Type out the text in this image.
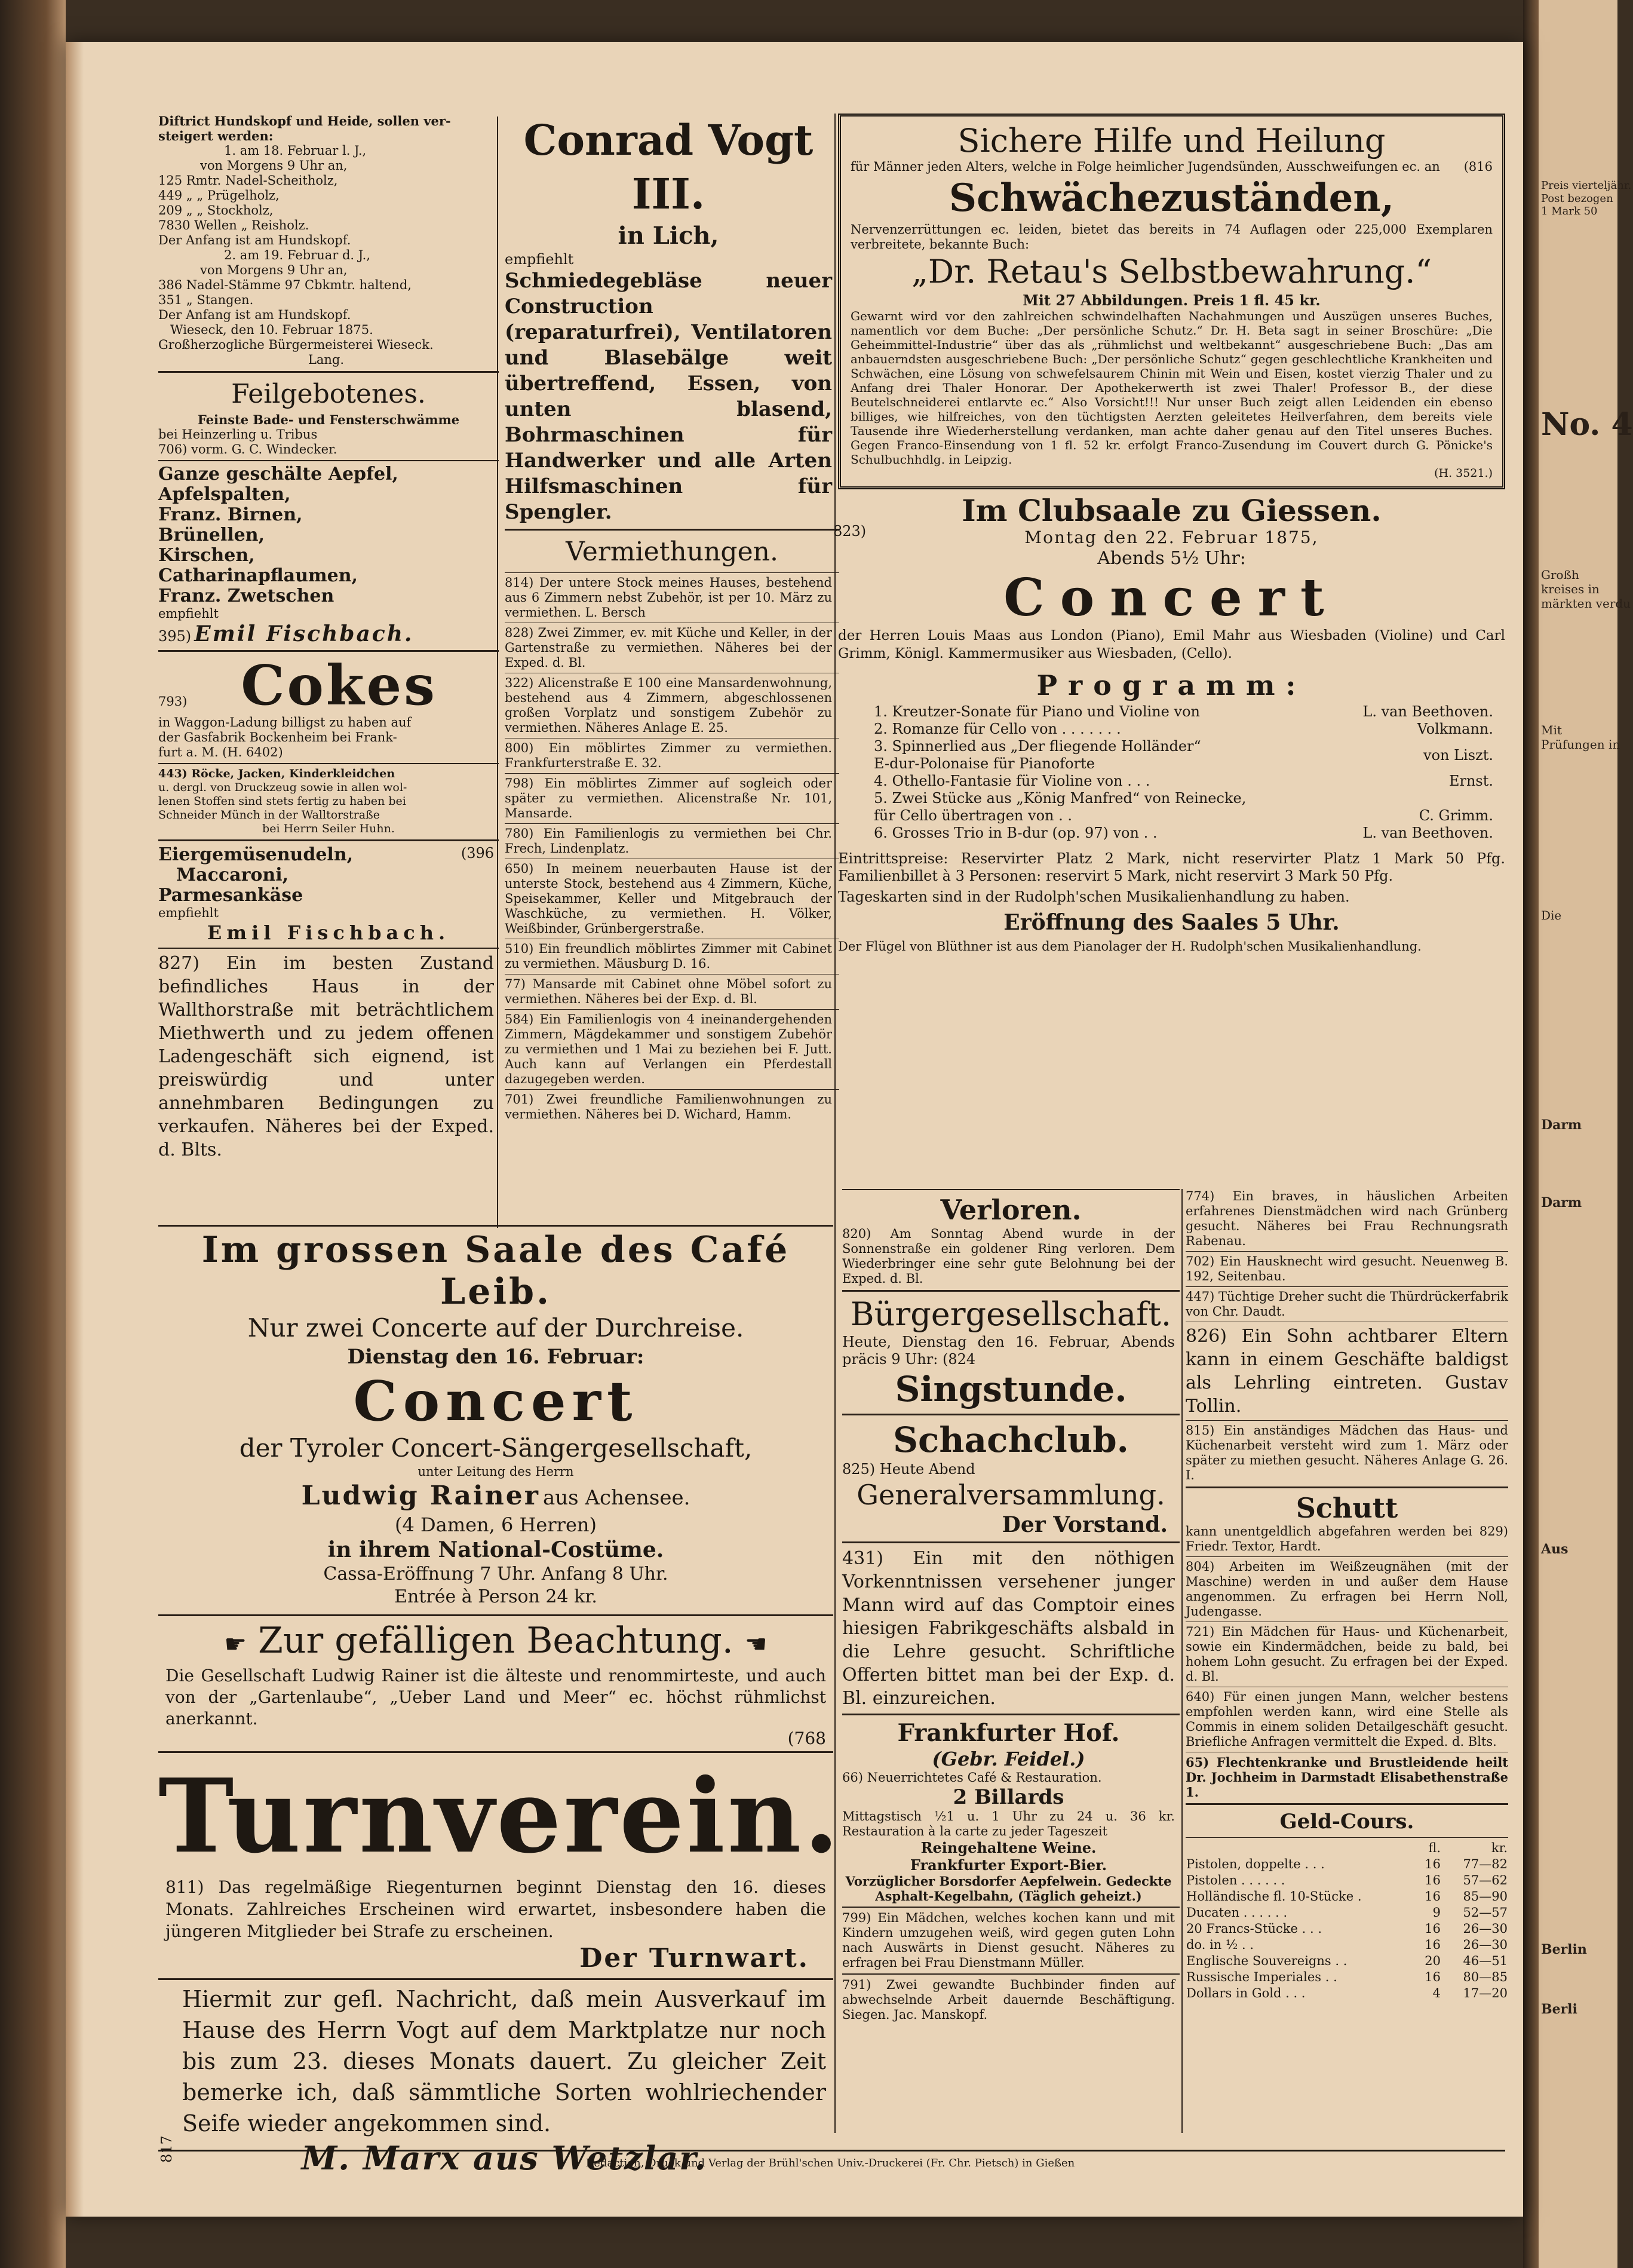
Preis vierteljähr.
Post bezogen
1 Mark 50
No. 4
Großh
kreises in
märkten verdu
Mit
Prüfungen in
Die
Darm
Darm
Aus
Berlin
Berli
Diftrict Hundskopf und Heide, sollen ver-
steigert werden:
1. am 18. Februar l. J.,
von Morgens 9 Uhr an,
125 Rmtr. Nadel-Scheitholz,
449 „ „ Prügelholz,
209 „ „ Stockholz,
7830 Wellen „ Reisholz.
Der Anfang ist am Hundskopf.
2. am 19. Februar d. J.,
von Morgens 9 Uhr an,
386 Nadel-Stämme 97 Cbkmtr. haltend,
351 „ Stangen.
Der Anfang ist am Hundskopf.
Wieseck, den 10. Februar 1875.
Großherzogliche Bürgermeisterei Wieseck.
Lang.
Feilgebotenes.
Feinste Bade- und Fensterschwämme
bei Heinzerling u. Tribus
706) vorm. G. C. Windecker.
Ganze geschälte Aepfel,
Apfelspalten,
Franz. Birnen,
Brünellen,
Kirschen,
Catharinapflaumen,
Franz. Zwetschen
empfiehlt
395) Emil Fischbach.
793) Cokes
in Waggon-Ladung billigst zu haben auf
der Gasfabrik Bockenheim bei Frank-
furt a. M. (H. 6402)
443) Röcke, Jacken, Kinderkleidchen
u. dergl. von Druckzeug sowie in allen wol-
lenen Stoffen sind stets fertig zu haben bei
Schneider Münch in der Walltorstraße
bei Herrn Seiler Huhn.
Eiergemüsenudeln,	(396
Maccaroni,
Parmesankäse
empfiehlt
Emil Fischbach.
827) Ein im besten Zustand befindliches Haus in der Wallthorstraße mit beträchtlichem Miethwerth und zu jedem offenen Ladengeschäft sich eignend, ist preiswürdig und unter annehmbaren Bedingungen zu verkaufen. Näheres bei der Exped. d. Blts.
Conrad Vogt III.
in Lich,
empfiehlt
Schmiedegebläse neuer Construction (reparaturfrei), Ventilatoren und Blasebälge weit übertreffend, Essen, von unten blasend, Bohrmaschinen für Handwerker und alle Arten Hilfsmaschinen für Spengler.
Vermiethungen.
814) Der untere Stock meines Hauses, bestehend aus 6 Zimmern nebst Zubehör, ist per 10. März zu vermiethen. L. Bersch
828) Zwei Zimmer, ev. mit Küche und Keller, in der Gartenstraße zu vermiethen. Näheres bei der Exped. d. Bl.
322) Alicenstraße E 100 eine Mansardenwohnung, bestehend aus 4 Zimmern, abgeschlossenen großen Vorplatz und sonstigem Zubehör zu vermiethen. Näheres Anlage E. 25.
800) Ein möblirtes Zimmer zu vermiethen. Frankfurterstraße E. 32.
798) Ein möblirtes Zimmer auf sogleich oder später zu vermiethen. Alicenstraße Nr. 101, Mansarde.
780) Ein Familienlogis zu vermiethen bei Chr. Frech, Lindenplatz.
650) In meinem neuerbauten Hause ist der unterste Stock, bestehend aus 4 Zimmern, Küche, Speisekammer, Keller und Mitgebrauch der Waschküche, zu vermiethen. H. Völker, Weißbinder, Grünbergerstraße.
510) Ein freundlich möblirtes Zimmer mit Cabinet zu vermiethen. Mäusburg D. 16.
77) Mansarde mit Cabinet ohne Möbel sofort zu vermiethen. Näheres bei der Exp. d. Bl.
584) Ein Familienlogis von 4 ineinandergehenden Zimmern, Mägdekammer und sonstigem Zubehör zu vermiethen und 1 Mai zu beziehen bei F. Jutt. Auch kann auf Verlangen ein Pferdestall dazugegeben werden.
701) Zwei freundliche Familienwohnungen zu vermiethen. Näheres bei D. Wichard, Hamm.
Im grossen Saale des Café Leib.
Nur zwei Concerte auf der Durchreise.
Dienstag den 16. Februar:
Concert
der Tyroler Concert-Sängergesellschaft,
unter Leitung des Herrn
Ludwig Rainer aus Achensee.
(4 Damen, 6 Herren)
in ihrem National-Costüme.
Cassa-Eröffnung 7 Uhr. Anfang 8 Uhr.
Entrée à Person 24 kr.
☛ Zur gefälligen Beachtung. ☚
Die Gesellschaft Ludwig Rainer ist die älteste und renommirteste, und auch von der „Gartenlaube“, „Ueber Land und Meer“ ec. höchst rühmlichst anerkannt.
(768
Turnverein.
811) Das regelmäßige Riegenturnen beginnt Dienstag den 16. dieses Monats. Zahlreiches Erscheinen wird erwartet, insbesondere haben die jüngeren Mitglieder bei Strafe zu erscheinen.
Der Turnwart.
817
Hiermit zur gefl. Nachricht, daß mein Ausverkauf im Hause des Herrn Vogt auf dem Marktplatze nur noch bis zum 23. dieses Monats dauert. Zu gleicher Zeit bemerke ich, daß sämmtliche Sorten wohlriechender Seife wieder angekommen sind.
M. Marx aus Wetzlar.
Sichere Hilfe und Heilung
für Männer jeden Alters, welche in Folge heimlicher Jugendsünden, Ausschweifungen ec. an	(816
Schwächezuständen,
Nervenzerrüttungen ec. leiden, bietet das bereits in 74 Auflagen oder 225,000 Exemplaren verbreitete, bekannte Buch:
„Dr. Retau's Selbstbewahrung.“
Mit 27 Abbildungen. Preis 1 fl. 45 kr.
Gewarnt wird vor den zahlreichen schwindelhaften Nachahmungen und Auszügen unseres Buches, namentlich vor dem Buche: „Der persönliche Schutz.“ Dr. H. Beta sagt in seiner Broschüre: „Die Geheimmittel-Industrie“ über das als „rühmlichst und weltbekannt“ ausgeschriebene Buch: „Das am anbauerndsten ausgeschriebene Buch: „Der persönliche Schutz“ gegen geschlechtliche Krankheiten und Schwächen, eine Lösung von schwefelsaurem Chinin mit Wein und Eisen, kostet vierzig Thaler und zu Anfang drei Thaler Honorar. Der Apothekerwerth ist zwei Thaler! Professor B., der diese Beutelschneiderei entlarvte ec.“ Also Vorsicht!!! Nur unser Buch zeigt allen Leidenden ein ebenso billiges, wie hilfreiches, von den tüchtigsten Aerzten geleitetes Heilverfahren, dem bereits viele Tausende ihre Wiederherstellung verdanken, man achte daher genau auf den Titel unseres Buches. Gegen Franco-Einsendung von 1 fl. 52 kr. erfolgt Franco-Zusendung im Couvert durch G. Pönicke's Schulbuchhdlg. in Leipzig.
(H. 3521.)
823)
Im Clubsaale zu Giessen.
Montag den 22. Februar 1875,
Abends 5½ Uhr:
Concert
der Herren Louis Maas aus London (Piano), Emil Mahr aus Wiesbaden (Violine) und Carl Grimm, Königl. Kammermusiker aus Wiesbaden, (Cello).
Programm:
1. Kreutzer-Sonate für Piano und Violine von	L. van Beethoven.
2. Romanze für Cello von . . . . . . .	Volkmann.
3. Spinnerlied aus „Der fliegende Holländer“ E-dur-Polonaise für Pianoforte
von Liszt.
4. Othello-Fantasie für Violine von . . .	Ernst.
5. Zwei Stücke aus „König Manfred“ von Reinecke, für Cello übertragen von . .	C. Grimm.
6. Grosses Trio in B-dur (op. 97) von . .	L. van Beethoven.
Eintrittspreise: Reservirter Platz 2 Mark, nicht reservirter Platz 1 Mark 50 Pfg. Familienbillet à 3 Personen: reservirt 5 Mark, nicht reservirt 3 Mark 50 Pfg.
Tageskarten sind in der Rudolph'schen Musikalienhandlung zu haben.
Eröffnung des Saales 5 Uhr.
Der Flügel von Blüthner ist aus dem Pianolager der H. Rudolph'schen Musikalienhandlung.
Verloren.
820) Am Sonntag Abend wurde in der Sonnenstraße ein goldener Ring verloren. Dem Wiederbringer eine sehr gute Belohnung bei der Exped. d. Bl.
Bürgergesellschaft.
Heute, Dienstag den 16. Februar, Abends präcis 9 Uhr: (824
Singstunde.
Schachclub.
825) Heute Abend
Generalversammlung.
Der Vorstand.
431) Ein mit den nöthigen Vorkenntnissen versehener junger Mann wird auf das Comptoir eines hiesigen Fabrikgeschäfts alsbald in die Lehre gesucht. Schriftliche Offerten bittet man bei der Exp. d. Bl. einzureichen.
Frankfurter Hof.
(Gebr. Feidel.)
66) Neuerrichtetes Café & Restauration.
2 Billards
Mittagstisch ½1 u. 1 Uhr zu 24 u. 36 kr. Restauration à la carte zu jeder Tageszeit
Reingehaltene Weine.
Frankfurter Export-Bier.
Vorzüglicher Borsdorfer Aepfelwein. Gedeckte Asphalt-Kegelbahn, (Täglich geheizt.)
799) Ein Mädchen, welches kochen kann und mit Kindern umzugehen weiß, wird gegen guten Lohn nach Auswärts in Dienst gesucht. Näheres zu erfragen bei Frau Dienstmann Müller.
791) Zwei gewandte Buchbinder finden auf abwechselnde Arbeit dauernde Beschäftigung. Siegen. Jac. Manskopf.
774) Ein braves, in häuslichen Arbeiten erfahrenes Dienstmädchen wird nach Grünberg gesucht. Näheres bei Frau Rechnungsrath Rabenau.
702) Ein Hausknecht wird gesucht. Neuenweg B. 192, Seitenbau.
447) Tüchtige Dreher sucht die Thürdrückerfabrik von Chr. Daudt.
826) Ein Sohn achtbarer Eltern kann in einem Geschäfte baldigst als Lehrling eintreten. Gustav Tollin.
815) Ein anständiges Mädchen das Haus- und Küchenarbeit versteht wird zum 1. März oder später zu miethen gesucht. Näheres Anlage G. 26. I.
Schutt
kann unentgeldlich abgefahren werden bei 829) Friedr. Textor, Hardt.
804) Arbeiten im Weißzeugnähen (mit der Maschine) werden in und außer dem Hause angenommen. Zu erfragen bei Herrn Noll, Judengasse.
721) Ein Mädchen für Haus- und Küchenarbeit, sowie ein Kindermädchen, beide zu bald, bei hohem Lohn gesucht. Zu erfragen bei der Exped. d. Bl.
640) Für einen jungen Mann, welcher bestens empfohlen werden kann, wird eine Stelle als Commis in einem soliden Detailgeschäft gesucht. Briefliche Anfragen vermittelt die Exped. d. Blts.
65) Flechtenkranke und Brustleidende heilt Dr. Jochheim in Darmstadt Elisabethenstraße 1.
Geld-Cours.
	fl.	kr.
Pistolen, doppelte . . .	16	77—82
Pistolen . . . . . .	16	57—62
Holländische fl. 10-Stücke .	16	85—90
Ducaten . . . . . .	9	52—57
20 Francs-Stücke . . .	16	26—30
do. in ½ . .	16	26—30
Englische Souvereigns . .	20	46—51
Russische Imperiales . .	16	80—85
Dollars in Gold . . .	4	17—20
Redaction, Druck und Verlag der Brühl'schen Univ.-Druckerei (Fr. Chr. Pietsch) in Gießen
